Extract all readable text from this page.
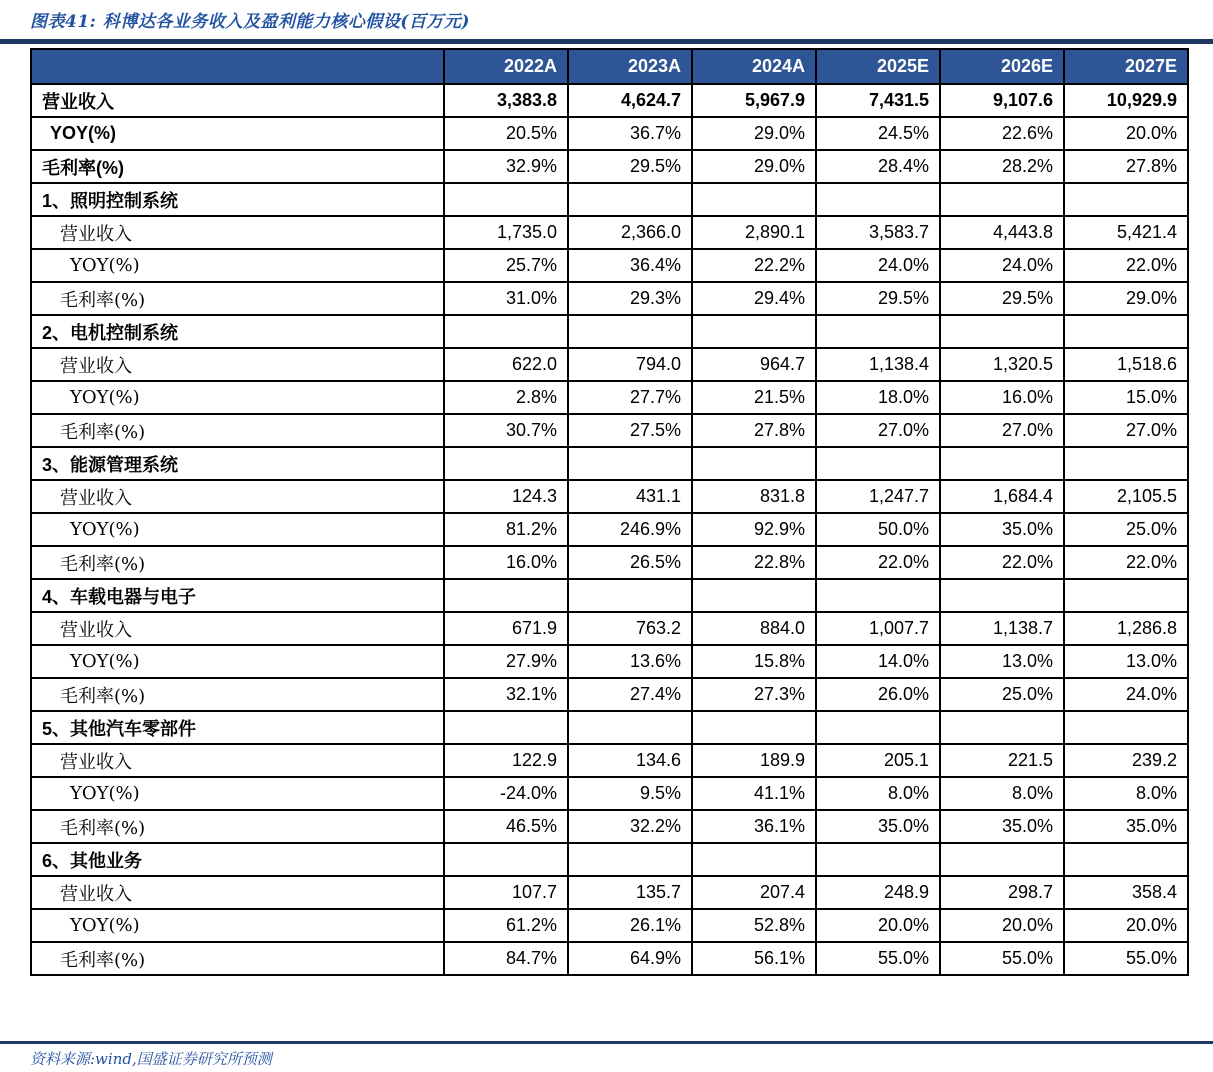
图表41: 科博达各业务收入及盈利能力核心假设(百万元)
	2022A	2023A	2024A	2025E	2026E	2027E
营业收入	3,383.8	4,624.7	5,967.9	7,431.5	9,107.6	10,929.9
YOY(%)	20.5%	36.7%	29.0%	24.5%	22.6%	20.0%
毛利率(%)	32.9%	29.5%	29.0%	28.4%	28.2%	27.8%
1、照明控制系统						
营业收入	1,735.0	2,366.0	2,890.1	3,583.7	4,443.8	5,421.4
YOY(%)	25.7%	36.4%	22.2%	24.0%	24.0%	22.0%
毛利率(%)	31.0%	29.3%	29.4%	29.5%	29.5%	29.0%
2、电机控制系统						
营业收入	622.0	794.0	964.7	1,138.4	1,320.5	1,518.6
YOY(%)	2.8%	27.7%	21.5%	18.0%	16.0%	15.0%
毛利率(%)	30.7%	27.5%	27.8%	27.0%	27.0%	27.0%
3、能源管理系统						
营业收入	124.3	431.1	831.8	1,247.7	1,684.4	2,105.5
YOY(%)	81.2%	246.9%	92.9%	50.0%	35.0%	25.0%
毛利率(%)	16.0%	26.5%	22.8%	22.0%	22.0%	22.0%
4、车载电器与电子						
营业收入	671.9	763.2	884.0	1,007.7	1,138.7	1,286.8
YOY(%)	27.9%	13.6%	15.8%	14.0%	13.0%	13.0%
毛利率(%)	32.1%	27.4%	27.3%	26.0%	25.0%	24.0%
5、其他汽车零部件						
营业收入	122.9	134.6	189.9	205.1	221.5	239.2
YOY(%)	-24.0%	9.5%	41.1%	8.0%	8.0%	8.0%
毛利率(%)	46.5%	32.2%	36.1%	35.0%	35.0%	35.0%
6、其他业务						
营业收入	107.7	135.7	207.4	248.9	298.7	358.4
YOY(%)	61.2%	26.1%	52.8%	20.0%	20.0%	20.0%
毛利率(%)	84.7%	64.9%	56.1%	55.0%	55.0%	55.0%
资料来源:wind,国盛证券研究所预测
